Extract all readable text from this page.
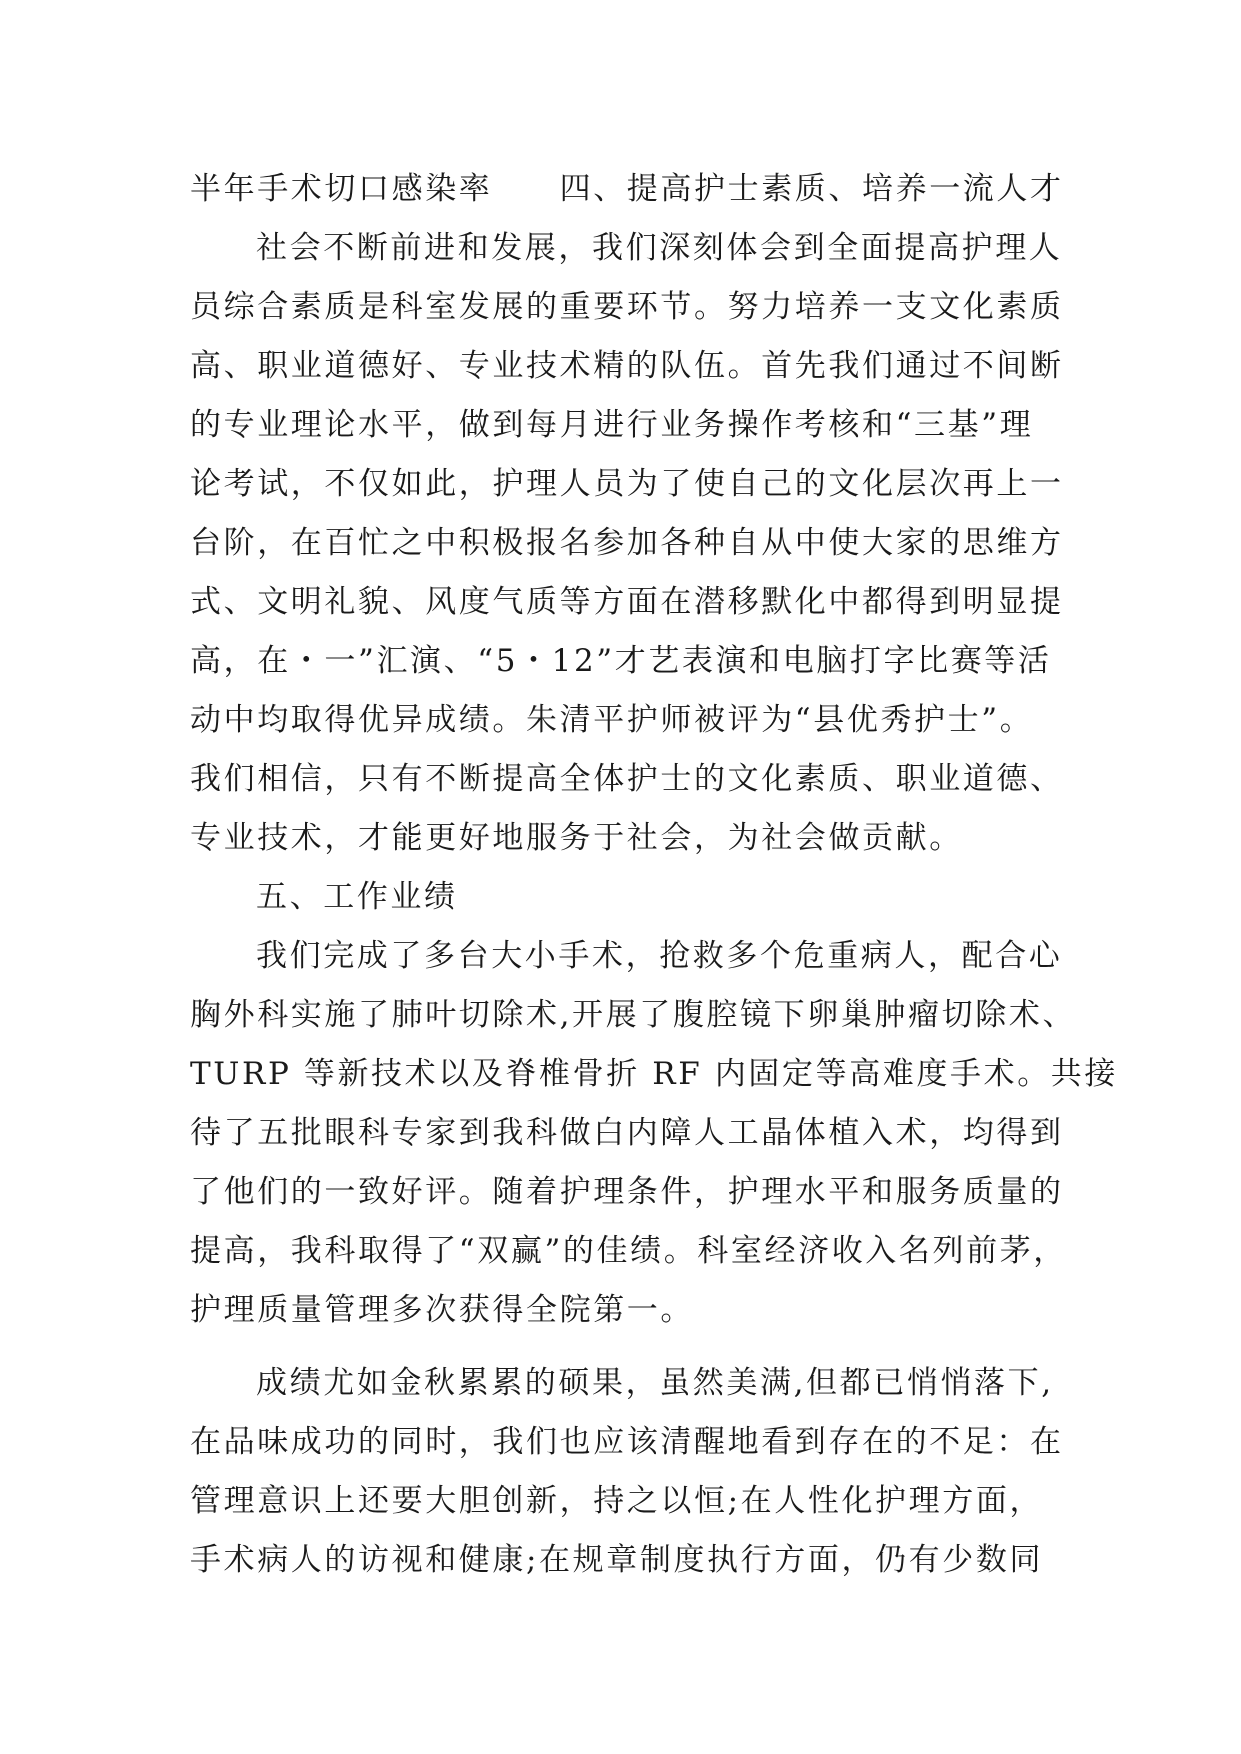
半年手术切口感染率　　四、提高护士素质、培养一流人才
社会不断前进和发展，我们深刻体会到全面提高护理人
员综合素质是科室发展的重要环节。努力培养一支文化素质
高、职业道德好、专业技术精的队伍。首先我们通过不间断
的专业理论水平，做到每月进行业务操作考核和“三基”理
论考试，不仅如此，护理人员为了使自己的文化层次再上一
台阶，在百忙之中积极报名参加各种自从中使大家的思维方
式、文明礼貌、风度气质等方面在潜移默化中都得到明显提
高，在・一”汇演、“5・12”才艺表演和电脑打字比赛等活
动中均取得优异成绩。朱清平护师被评为“县优秀护士”。
我们相信，只有不断提高全体护士的文化素质、职业道德、
专业技术，才能更好地服务于社会，为社会做贡献。
五、工作业绩
我们完成了多台大小手术，抢救多个危重病人，配合心
胸外科实施了肺叶切除术,开展了腹腔镜下卵巢肿瘤切除术、
TURP 等新技术以及脊椎骨折 RF 内固定等高难度手术。共接
待了五批眼科专家到我科做白内障人工晶体植入术，均得到
了他们的一致好评。随着护理条件，护理水平和服务质量的
提高，我科取得了“双赢”的佳绩。科室经济收入名列前茅，
护理质量管理多次获得全院第一。
成绩尤如金秋累累的硕果，虽然美满,但都已悄悄落下,
在品味成功的同时，我们也应该清醒地看到存在的不足：在
管理意识上还要大胆创新，持之以恒;在人性化护理方面，
手术病人的访视和健康;在规章制度执行方面，仍有少数同
